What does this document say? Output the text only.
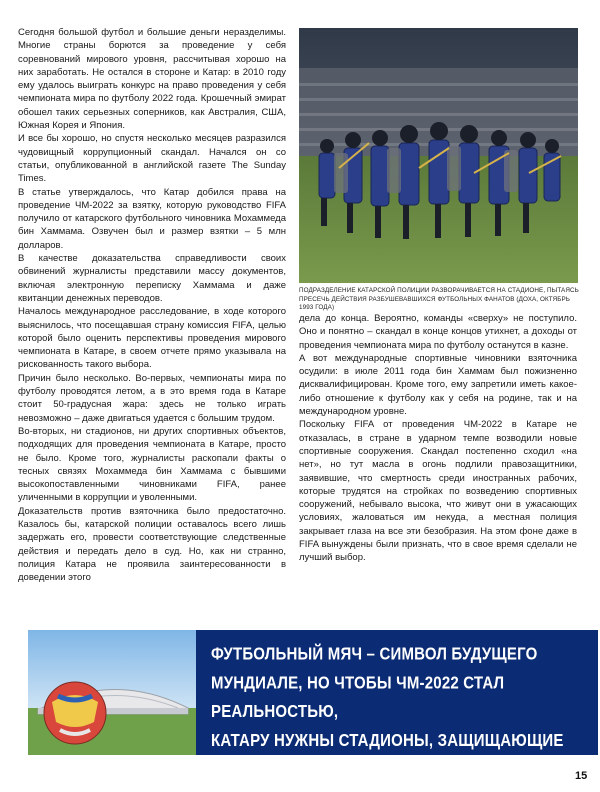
Сегодня большой футбол и большие деньги неразделимы. Многие страны борются за проведение у себя соревнований мирового уровня, рассчитывая хорошо на них заработать. Не остался в стороне и Катар: в 2010 году ему удалось выиграть конкурс на право проведения у себя чемпионата мира по футболу 2022 года. Крошечный эмират обошел таких серьезных соперников, как Австралия, США, Южная Корея и Япония.

И все бы хорошо, но спустя несколько месяцев разразился чудовищный коррупционный скандал. Начался он со статьи, опубликованной в английской газете The Sunday Times.

В статье утверждалось, что Катар добился права на проведение ЧМ-2022 за взятку, которую руководство FIFA получило от катарского футбольного чиновника Мохаммеда бин Хаммама. Озвучен был и размер взятки – 5 млн долларов.

В качестве доказательства справедливости своих обвинений журналисты представили массу документов, включая электронную переписку Хаммама и даже квитанции денежных переводов.

Началось международное расследование, в ходе которого выяснилось, что посещавшая страну комиссия FIFA, целью которой было оценить перспективы проведения мирового чемпионата в Катаре, в своем отчете прямо указывала на рискованность такого выбора.

Причин было несколько. Во-первых, чемпионаты мира по футболу проводятся летом, а в это время года в Катаре стоит 50-градусная жара: здесь не только играть невозможно – даже двигаться удается с большим трудом.

Во-вторых, ни стадионов, ни других спортивных объектов, подходящих для проведения чемпионата в Катаре, просто не было. Кроме того, журналисты раскопали факты о тесных связях Мохаммеда бин Хаммама с бывшими высокопоставленными чиновниками FIFA, ранее уличенными в коррупции и уволенными.

Доказательств против взяточника было предостаточно. Казалось бы, катарской полиции оставалось всего лишь задержать его, провести соответствующие следственные действия и передать дело в суд. Но, как ни странно, полиция Катара не проявила заинтересованности в доведении этого

ПОДРАЗДЕЛЕНИЕ КАТАРСКОЙ ПОЛИЦИИ РАЗВОРАЧИВАЕТСЯ НА СТАДИОНЕ, ПЫТАЯСЬ ПРЕСЕЧЬ ДЕЙСТВИЯ РАЗБУШЕВАВШИХСЯ ФУТБОЛЬНЫХ ФАНАТОВ (ДОХА, ОКТЯБРЬ 1993 ГОДА)

дела до конца. Вероятно, команды «сверху» не поступило. Оно и понятно – скандал в конце концов утихнет, а доходы от проведения чемпионата мира по футболу останутся в казне.

А вот международные спортивные чиновники взяточника осудили: в июле 2011 года бин Хаммам был пожизненно дисквалифицирован. Кроме того, ему запретили иметь какое-либо отношение к футболу как у себя на родине, так и на международном уровне.

Поскольку FIFA от проведения ЧМ-2022 в Катаре не отказалась, в стране в ударном темпе возводили новые спортивные сооружения. Скандал постепенно сходил «на нет», но тут масла в огонь подлили правозащитники, заявившие, что смертность среди иностранных рабочих, которые трудятся на стройках по возведению спортивных сооружений, небывало высока, что живут они в ужасающих условиях, жаловаться им некуда, а местная полиция закрывает глаза на все эти безобразия. На этом фоне даже в FIFA вынуждены были признать, что в свое время сделали не лучший выбор.

ФУТБОЛЬНЫЙ МЯЧ – СИМВОЛ БУДУЩЕГО
МУНДИАЛЕ, НО ЧТОБЫ ЧМ-2022 СТАЛ РЕАЛЬНОСТЬЮ,
КАТАРУ НУЖНЫ СТАДИОНЫ, ЗАЩИЩАЮЩИЕ
ФУТБОЛИСТОВ ОТ 50-ГРАДУСНОЙ ЖАРЫ	15
